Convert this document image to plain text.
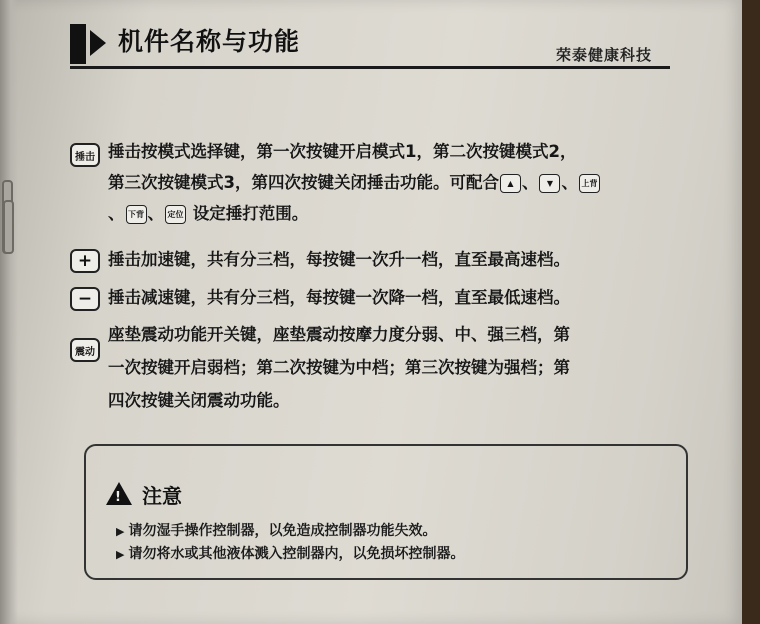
机件名称与功能	荣泰健康科技
捶击 捶击按模式选择键，第一次按键开启模式1，第二次按键模式2，
第三次按键模式3，第四次按键关闭捶击功能。可配合 ▲ 、 ▼ 、 上背
、 下背 、 定位 设定捶打范围。
+ 捶击加速键，共有分三档，每按键一次升一档，直至最高速档。
− 捶击减速键，共有分三档，每按键一次降一档，直至最低速档。
震动
座垫震动功能开关键，座垫震动按摩力度分弱、中、强三档，第
一次按键开启弱档；第二次按键为中档；第三次按键为强档；第
四次按键关闭震动功能。
! 注意
▶ 请勿湿手操作控制器，以免造成控制器功能失效。
▶ 请勿将水或其他液体溅入控制器内，以免损坏控制器。
